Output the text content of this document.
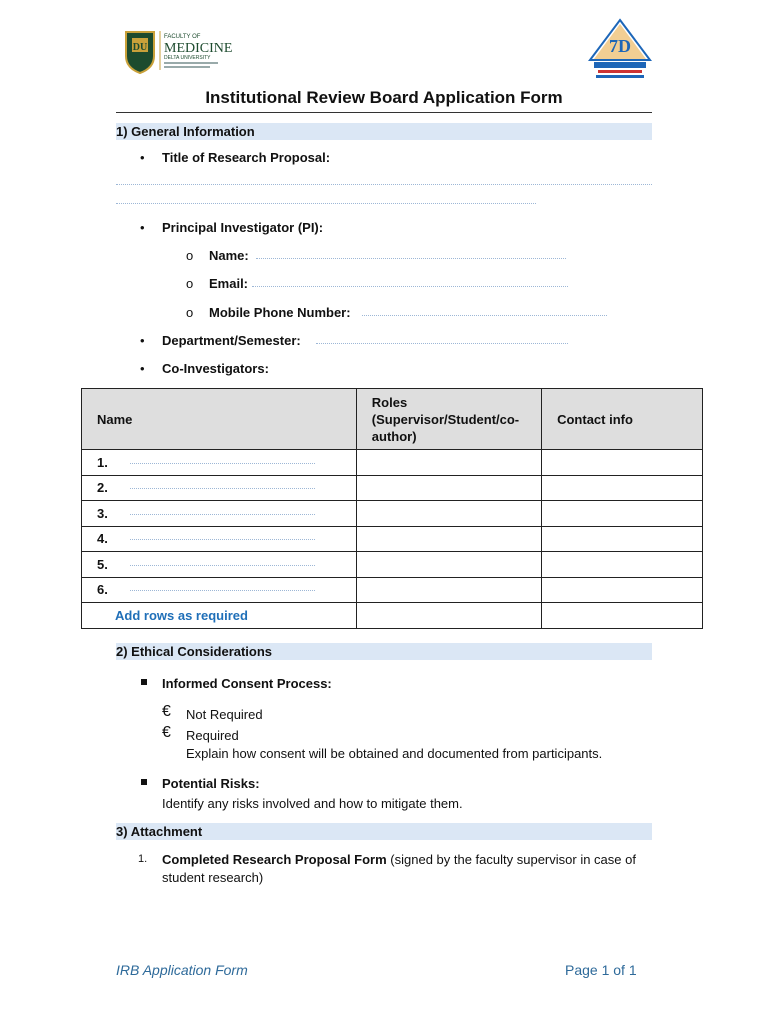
DU
FACULTY OF
MEDICINE
DELTA UNIVERSITY
7D
Institutional Review Board Application Form
1) General Information
• Title of Research Proposal:
• Principal Investigator (PI):
o Name:
o Email:
o Mobile Phone Number:
• Department/Semester:
• Co-Investigators:
Name	Roles (Supervisor/Student/co-author)	Contact info
1.		
2.		
3.		
4.		
5.		
6.		
Add rows as required		
2) Ethical Considerations
Informed Consent Process:
€ Not Required
€ Required
Explain how consent will be obtained and documented from participants.
Potential Risks:
Identify any risks involved and how to mitigate them.
3) Attachment
1. Completed Research Proposal Form (signed by the faculty supervisor in case of student research)
IRB Application Form	Page 1 of 1
